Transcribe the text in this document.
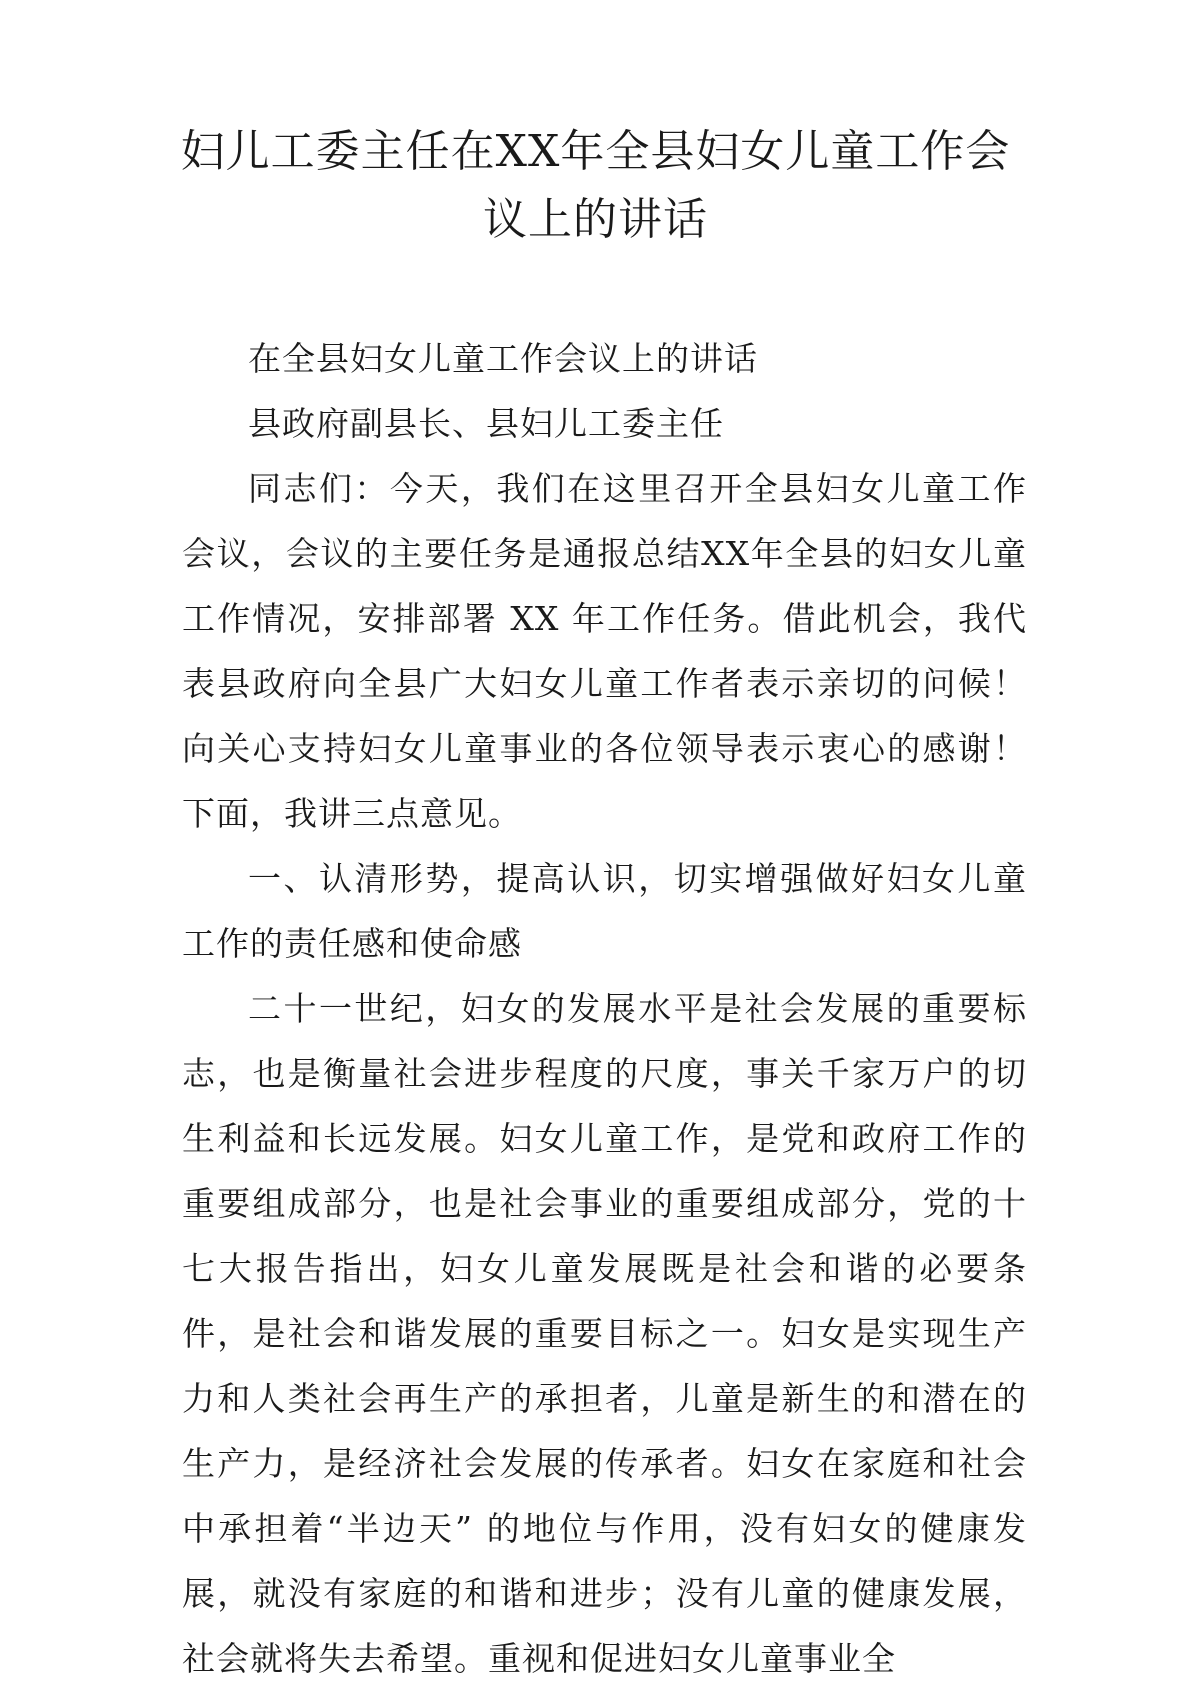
妇儿工委主任在XX年全县妇女儿童工作会
议上的讲话

在全县妇女儿童工作会议上的讲话

县政府副县长、县妇儿工委主任

同志们：今天，我们在这里召开全县妇女儿童工作会议，会议的主要任务是通报总结XX年全县的妇女儿童工作情况，安排部署 XX 年工作任务。借此机会，我代表县政府向全县广大妇女儿童工作者表示亲切的问候！向关心支持妇女儿童事业的各位领导表示衷心的感谢！下面，我讲三点意见。

一、认清形势，提高认识，切实增强做好妇女儿童工作的责任感和使命感

二十一世纪，妇女的发展水平是社会发展的重要标志，也是衡量社会进步程度的尺度，事关千家万户的切生利益和长远发展。妇女儿童工作，是党和政府工作的重要组成部分，也是社会事业的重要组成部分，党的十七大报告指出，妇女儿童发展既是社会和谐的必要条件，是社会和谐发展的重要目标之一。妇女是实现生产力和人类社会再生产的承担者，儿童是新生的和潜在的生产力，是经济社会发展的传承者。妇女在家庭和社会中承担着“半边天” 的地位与作用，没有妇女的健康发展，就没有家庭的和谐和进步；没有儿童的健康发展，社会就将失去希望。重视和促进妇女儿童事业全
